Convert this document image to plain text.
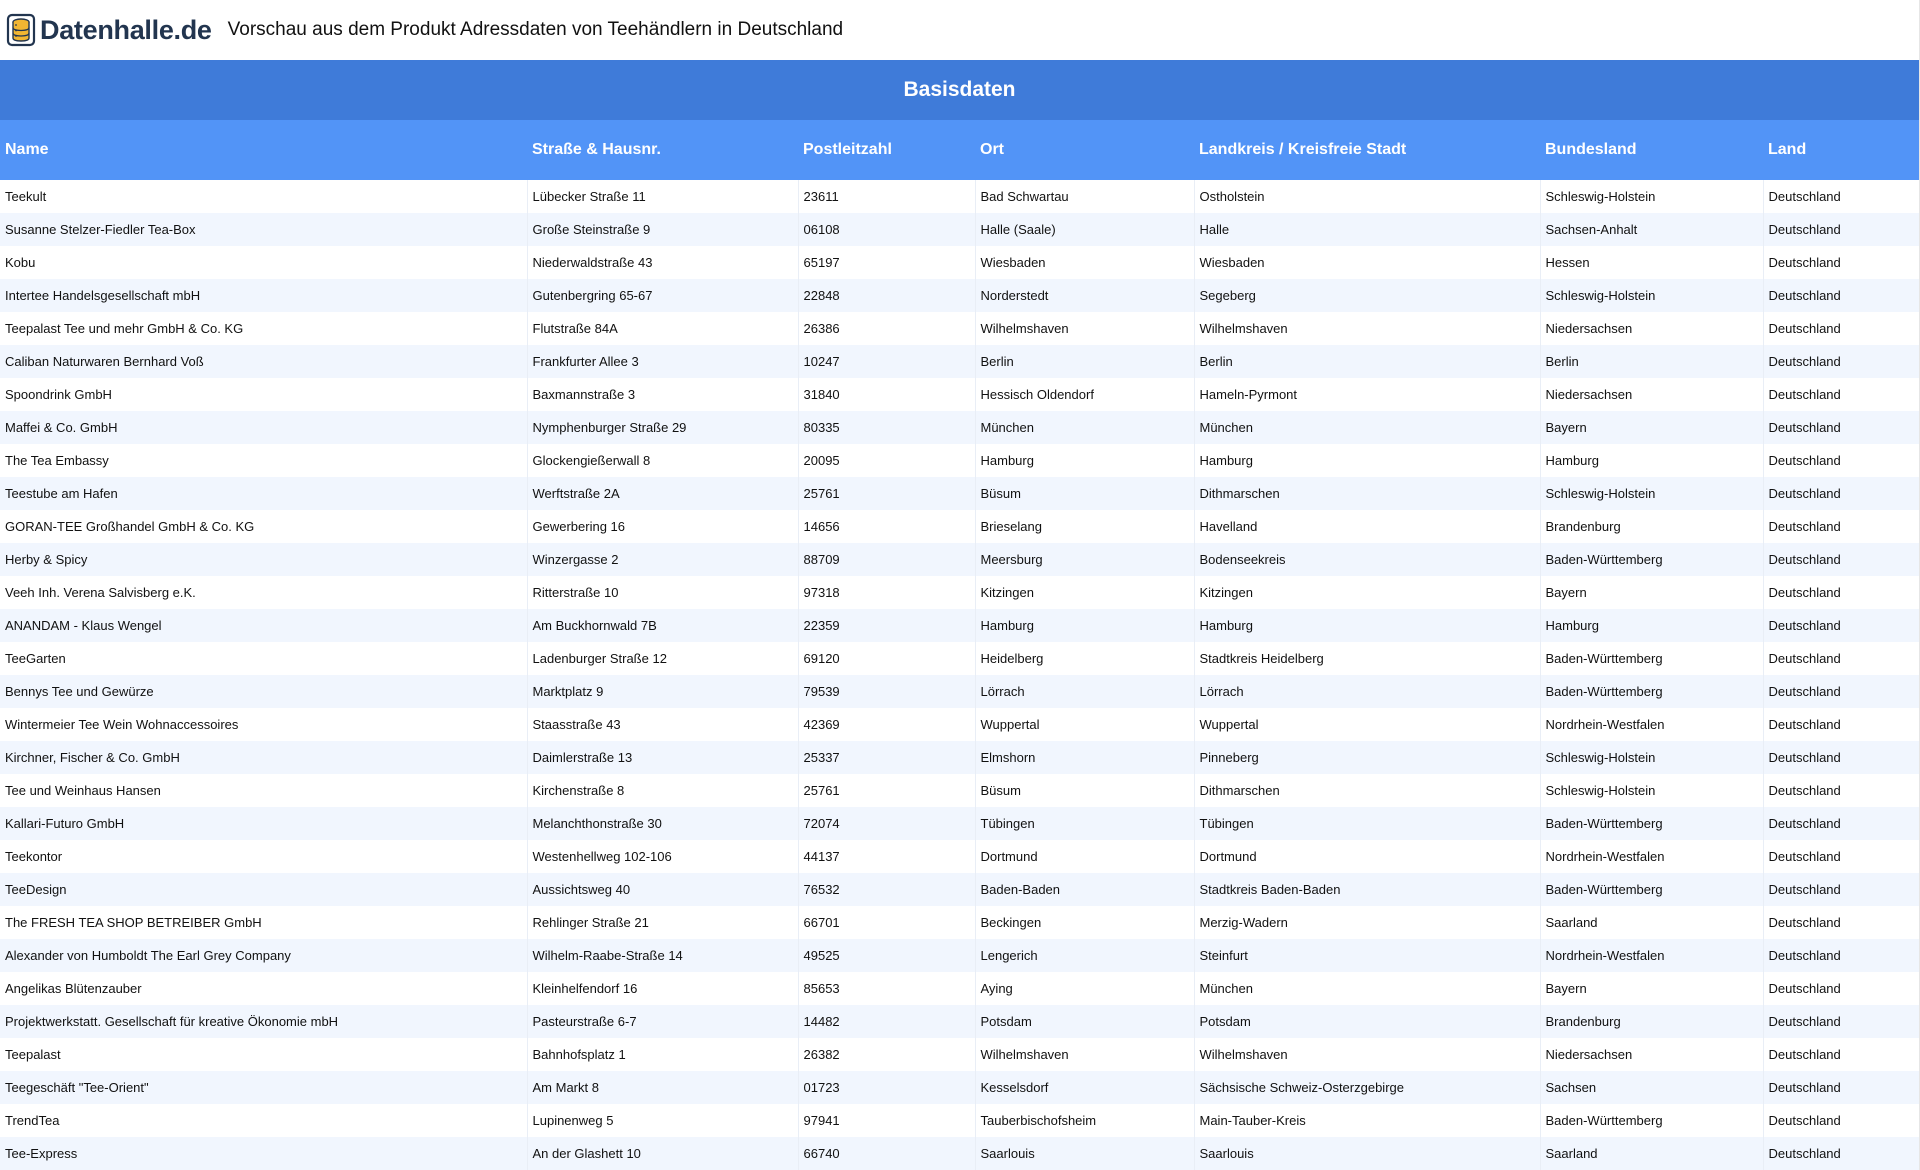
Datenhalle.de Vorschau aus dem Produkt Adressdaten von Teehändlern in Deutschland
Basisdaten
Name	Straße & Hausnr.	Postleitzahl	Ort	Landkreis / Kreisfreie Stadt	Bundesland	Land
Teekult	Lübecker Straße 11	23611	Bad Schwartau	Ostholstein	Schleswig-Holstein	Deutschland
Susanne Stelzer-Fiedler Tea-Box	Große Steinstraße 9	06108	Halle (Saale)	Halle	Sachsen-Anhalt	Deutschland
Kobu	Niederwaldstraße 43	65197	Wiesbaden	Wiesbaden	Hessen	Deutschland
Intertee Handelsgesellschaft mbH	Gutenbergring 65-67	22848	Norderstedt	Segeberg	Schleswig-Holstein	Deutschland
Teepalast Tee und mehr GmbH & Co. KG	Flutstraße 84A	26386	Wilhelmshaven	Wilhelmshaven	Niedersachsen	Deutschland
Caliban Naturwaren Bernhard Voß	Frankfurter Allee 3	10247	Berlin	Berlin	Berlin	Deutschland
Spoondrink GmbH	Baxmannstraße 3	31840	Hessisch Oldendorf	Hameln-Pyrmont	Niedersachsen	Deutschland
Maffei & Co. GmbH	Nymphenburger Straße 29	80335	München	München	Bayern	Deutschland
The Tea Embassy	Glockengießerwall 8	20095	Hamburg	Hamburg	Hamburg	Deutschland
Teestube am Hafen	Werftstraße 2A	25761	Büsum	Dithmarschen	Schleswig-Holstein	Deutschland
GORAN-TEE Großhandel GmbH & Co. KG	Gewerbering 16	14656	Brieselang	Havelland	Brandenburg	Deutschland
Herby & Spicy	Winzergasse 2	88709	Meersburg	Bodenseekreis	Baden-Württemberg	Deutschland
Veeh Inh. Verena Salvisberg e.K.	Ritterstraße 10	97318	Kitzingen	Kitzingen	Bayern	Deutschland
ANANDAM - Klaus Wengel	Am Buckhornwald 7B	22359	Hamburg	Hamburg	Hamburg	Deutschland
TeeGarten	Ladenburger Straße 12	69120	Heidelberg	Stadtkreis Heidelberg	Baden-Württemberg	Deutschland
Bennys Tee und Gewürze	Marktplatz 9	79539	Lörrach	Lörrach	Baden-Württemberg	Deutschland
Wintermeier Tee Wein Wohnaccessoires	Staasstraße 43	42369	Wuppertal	Wuppertal	Nordrhein-Westfalen	Deutschland
Kirchner, Fischer & Co. GmbH	Daimlerstraße 13	25337	Elmshorn	Pinneberg	Schleswig-Holstein	Deutschland
Tee und Weinhaus Hansen	Kirchenstraße 8	25761	Büsum	Dithmarschen	Schleswig-Holstein	Deutschland
Kallari-Futuro GmbH	Melanchthonstraße 30	72074	Tübingen	Tübingen	Baden-Württemberg	Deutschland
Teekontor	Westenhellweg 102-106	44137	Dortmund	Dortmund	Nordrhein-Westfalen	Deutschland
TeeDesign	Aussichtsweg 40	76532	Baden-Baden	Stadtkreis Baden-Baden	Baden-Württemberg	Deutschland
The FRESH TEA SHOP BETREIBER GmbH	Rehlinger Straße 21	66701	Beckingen	Merzig-Wadern	Saarland	Deutschland
Alexander von Humboldt The Earl Grey Company	Wilhelm-Raabe-Straße 14	49525	Lengerich	Steinfurt	Nordrhein-Westfalen	Deutschland
Angelikas Blütenzauber	Kleinhelfendorf 16	85653	Aying	München	Bayern	Deutschland
Projektwerkstatt. Gesellschaft für kreative Ökonomie mbH	Pasteurstraße 6-7	14482	Potsdam	Potsdam	Brandenburg	Deutschland
Teepalast	Bahnhofsplatz 1	26382	Wilhelmshaven	Wilhelmshaven	Niedersachsen	Deutschland
Teegeschäft "Tee-Orient"	Am Markt 8	01723	Kesselsdorf	Sächsische Schweiz-Osterzgebirge	Sachsen	Deutschland
TrendTea	Lupinenweg 5	97941	Tauberbischofsheim	Main-Tauber-Kreis	Baden-Württemberg	Deutschland
Tee-Express	An der Glashett 10	66740	Saarlouis	Saarlouis	Saarland	Deutschland
